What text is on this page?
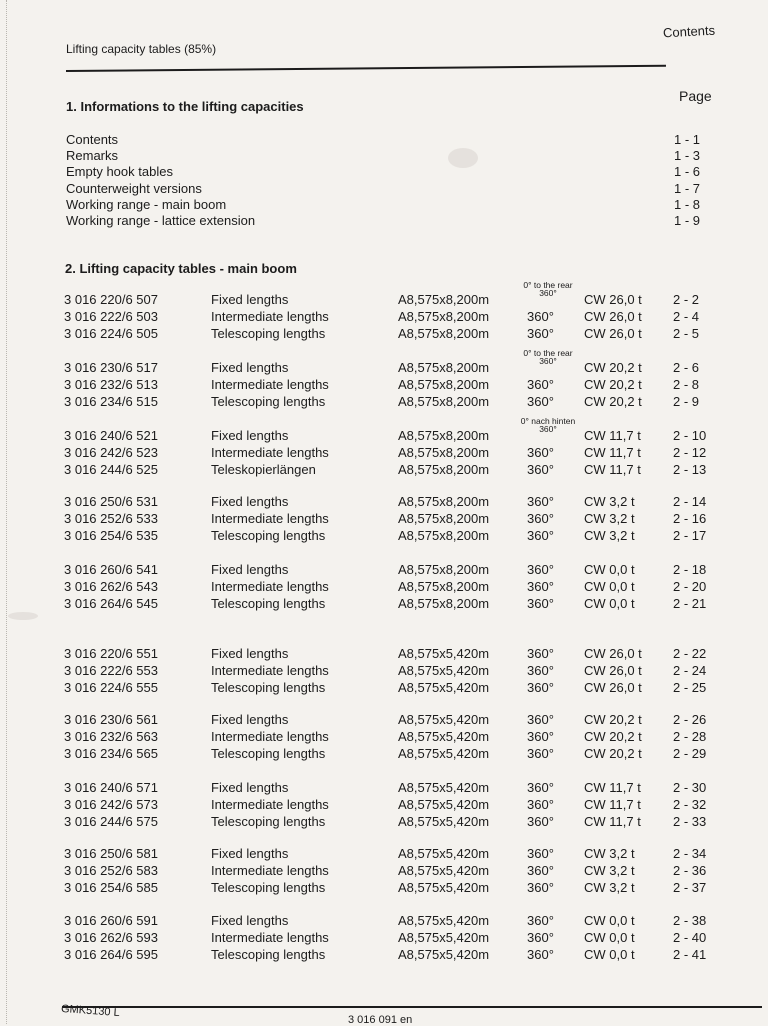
Lifting capacity tables (85%)
Contents
Page
1. Informations to the lifting capacities
Contents	1 - 1
Remarks	1 - 3
Empty hook tables	1 - 6
Counterweight versions	1 - 7
Working range - main boom	1 - 8
Working range - lattice extension	1 - 9
2. Lifting capacity tables - main boom
0° to the rear
360°
3 016 220/6 507	Fixed lengths	A8,575x8,200m	CW 26,0 t 2 - 2
3 016 222/6 503	Intermediate lengths	A8,575x8,200m	360° CW 26,0 t 2 - 4
3 016 224/6 505	Telescoping lengths	A8,575x8,200m	360° CW 26,0 t 2 - 5
0° to the rear
360°
3 016 230/6 517	Fixed lengths	A8,575x8,200m	CW 20,2 t 2 - 6
3 016 232/6 513	Intermediate lengths	A8,575x8,200m	360° CW 20,2 t 2 - 8
3 016 234/6 515	Telescoping lengths	A8,575x8,200m	360° CW 20,2 t 2 - 9
0° nach hinten
360°
3 016 240/6 521	Fixed lengths	A8,575x8,200m	CW 11,7 t 2 - 10
3 016 242/6 523	Intermediate lengths	A8,575x8,200m	360° CW 11,7 t 2 - 12
3 016 244/6 525	Teleskopierlängen	A8,575x8,200m	360° CW 11,7 t 2 - 13
3 016 250/6 531	Fixed lengths	A8,575x8,200m	360° CW 3,2 t	2 - 14
3 016 252/6 533	Intermediate lengths	A8,575x8,200m	360° CW 3,2 t	2 - 16
3 016 254/6 535	Telescoping lengths	A8,575x8,200m	360° CW 3,2 t	2 - 17
3 016 260/6 541	Fixed lengths	A8,575x8,200m	360° CW 0,0 t	2 - 18
3 016 262/6 543	Intermediate lengths	A8,575x8,200m	360° CW 0,0 t	2 - 20
3 016 264/6 545	Telescoping lengths	A8,575x8,200m	360° CW 0,0 t	2 - 21
3 016 220/6 551	Fixed lengths	A8,575x5,420m	360° CW 26,0 t 2 - 22
3 016 222/6 553	Intermediate lengths	A8,575x5,420m	360° CW 26,0 t 2 - 24
3 016 224/6 555	Telescoping lengths	A8,575x5,420m	360° CW 26,0 t 2 - 25
3 016 230/6 561	Fixed lengths	A8,575x5,420m	360° CW 20,2 t 2 - 26
3 016 232/6 563	Intermediate lengths	A8,575x5,420m	360° CW 20,2 t 2 - 28
3 016 234/6 565	Telescoping lengths	A8,575x5,420m	360° CW 20,2 t 2 - 29
3 016 240/6 571	Fixed lengths	A8,575x5,420m	360° CW 11,7 t 2 - 30
3 016 242/6 573	Intermediate lengths	A8,575x5,420m	360° CW 11,7 t 2 - 32
3 016 244/6 575	Telescoping lengths	A8,575x5,420m	360° CW 11,7 t 2 - 33
3 016 250/6 581	Fixed lengths	A8,575x5,420m	360° CW 3,2 t	2 - 34
3 016 252/6 583	Intermediate lengths	A8,575x5,420m	360° CW 3,2 t	2 - 36
3 016 254/6 585	Telescoping lengths	A8,575x5,420m	360° CW 3,2 t	2 - 37
3 016 260/6 591	Fixed lengths	A8,575x5,420m	360° CW 0,0 t	2 - 38
3 016 262/6 593	Intermediate lengths	A8,575x5,420m	360° CW 0,0 t	2 - 40
3 016 264/6 595	Telescoping lengths	A8,575x5,420m	360° CW 0,0 t	2 - 41
GMK5130 L
3 016 091 en
